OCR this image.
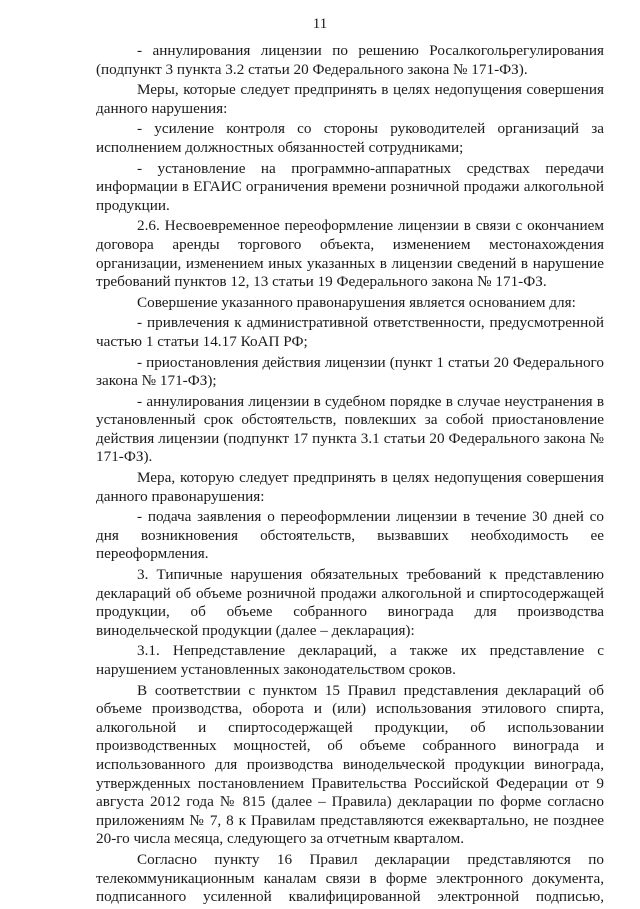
11

- аннулирования лицензии по решению Росалкогольрегулирования (подпункт 3 пункта 3.2 статьи 20 Федерального закона № 171-ФЗ).

Меры, которые следует предпринять в целях недопущения совершения данного нарушения:

- усиление контроля со стороны руководителей организаций за исполнением должностных обязанностей сотрудниками;

- установление на программно-аппаратных средствах передачи информации в ЕГАИС ограничения времени розничной продажи алкогольной продукции.

2.6. Несвоевременное переоформление лицензии в связи с окончанием договора аренды торгового объекта, изменением местонахождения организации, изменением иных указанных в лицензии сведений в нарушение требований пунктов 12, 13 статьи 19 Федерального закона № 171-ФЗ.

Совершение указанного правонарушения является основанием для:

- привлечения к административной ответственности, предусмотренной частью 1 статьи 14.17 КоАП РФ;

- приостановления действия лицензии (пункт 1 статьи 20 Федерального закона № 171-ФЗ);

- аннулирования лицензии в судебном порядке в случае неустранения в установленный срок обстоятельств, повлекших за собой приостановление действия лицензии (подпункт 17 пункта 3.1 статьи 20 Федерального закона № 171-ФЗ).

Мера, которую следует предпринять в целях недопущения совершения данного правонарушения:

- подача заявления о переоформлении лицензии в течение 30 дней со дня возникновения обстоятельств, вызвавших необходимость ее переоформления.

3. Типичные нарушения обязательных требований к представлению деклараций об объеме розничной продажи алкогольной и спиртосодержащей продукции, об объеме собранного винограда для производства винодельческой продукции (далее – декларация):

3.1. Непредставление деклараций, а также их представление с нарушением установленных законодательством сроков.

В соответствии с пунктом 15 Правил представления деклараций об объеме производства, оборота и (или) использования этилового спирта, алкогольной и спиртосодержащей продукции, об использовании производственных мощностей, об объеме собранного винограда и использованного для производства винодельческой продукции винограда, утвержденных постановлением Правительства Российской Федерации от 9 августа 2012 года № 815 (далее – Правила) декларации по форме согласно приложениям № 7, 8 к Правилам представляются ежеквартально, не позднее 20-го числа месяца, следующего за отчетным кварталом.

Согласно пункту 16 Правил декларации представляются по телекоммуникационным каналам связи в форме электронного документа, подписанного усиленной квалифицированной электронной подписью,
